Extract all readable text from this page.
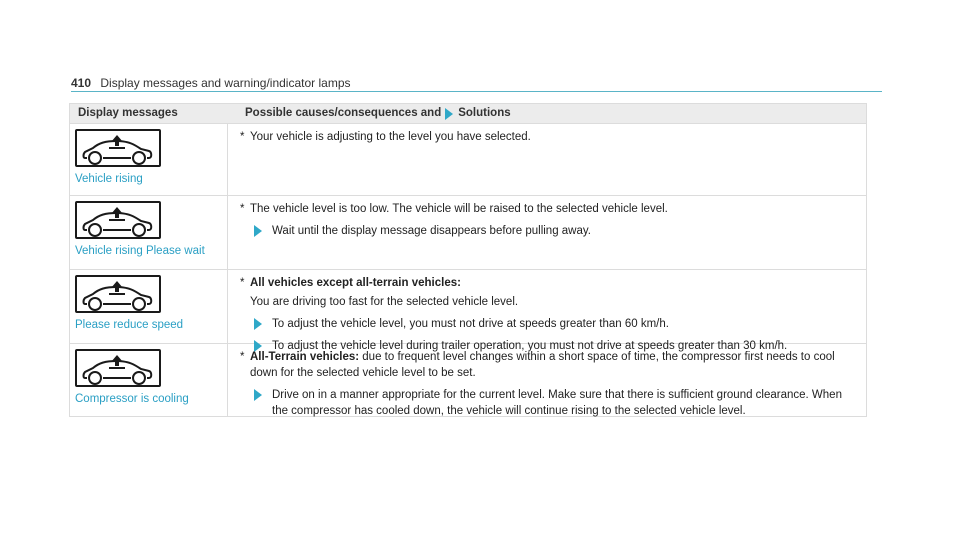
410 Display messages and warning/indicator lamps
Display messages	Possible causes/consequences and Solutions
Vehicle rising
* Your vehicle is adjusting to the level you have selected.
Vehicle rising Please wait
* The vehicle level is too low. The vehicle will be raised to the selected vehicle level.
Wait until the display message disappears before pulling away.
Please reduce speed
* All vehicles except all-terrain vehicles:
You are driving too fast for the selected vehicle level.
To adjust the vehicle level, you must not drive at speeds greater than 60 km/h.
To adjust the vehicle level during trailer operation, you must not drive at speeds greater than 30 km/h.
Compressor is cooling
* All-Terrain vehicles: due to frequent level changes within a short space of time, the compressor first needs to cool down for the selected vehicle level to be set.
Drive on in a manner appropriate for the current level. Make sure that there is sufficient ground clearance. When the compressor has cooled down, the vehicle will continue rising to the selected vehicle level.
